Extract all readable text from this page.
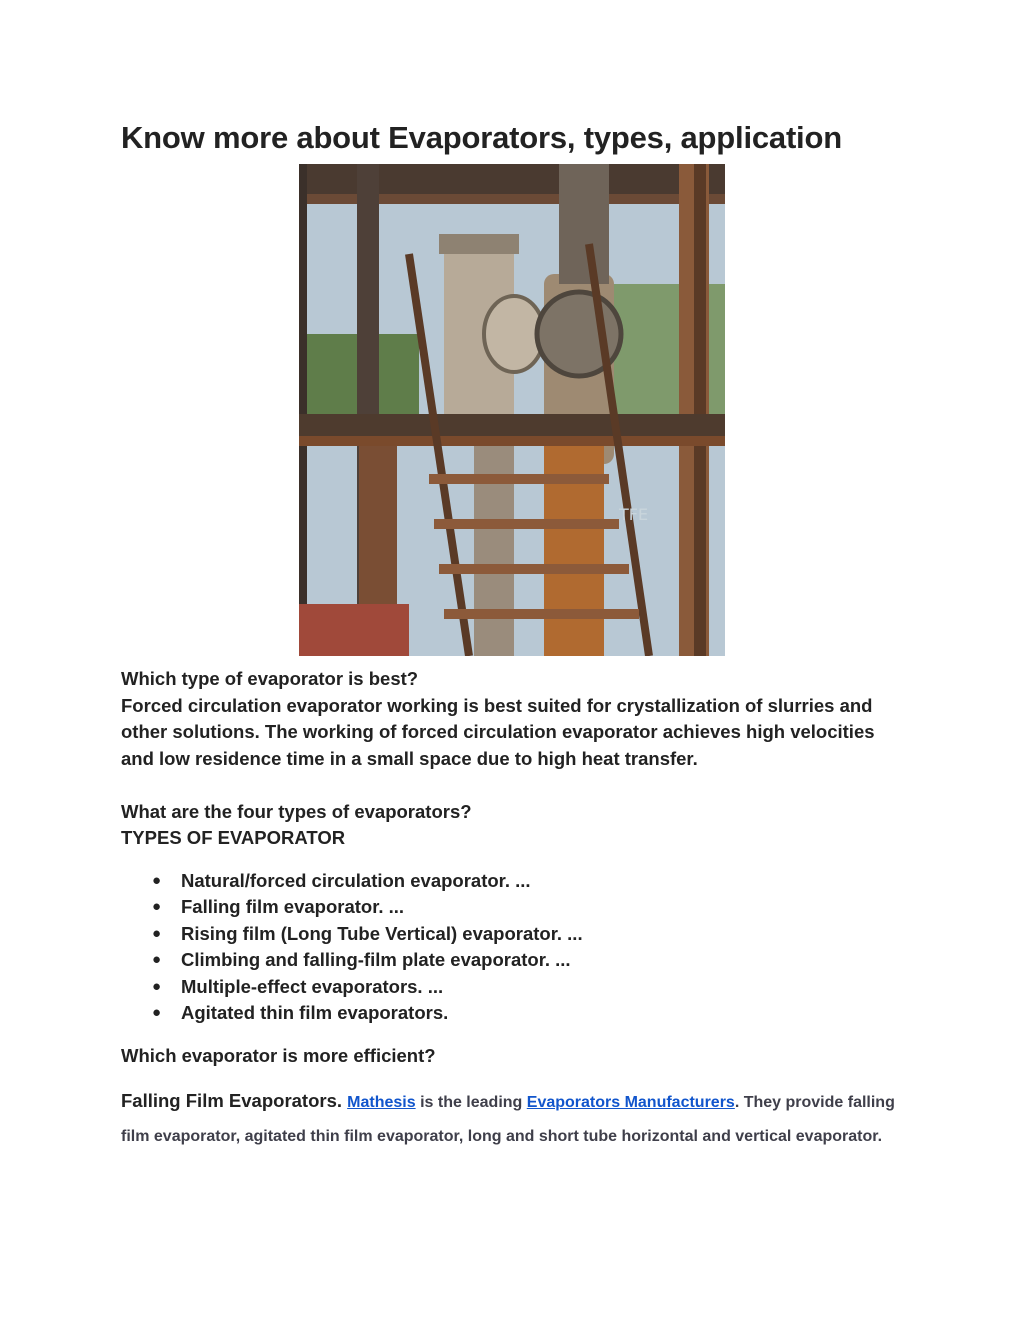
Know more about Evaporators, types, application
TFE

Which type of evaporator is best?

Forced circulation evaporator working is best suited for crystallization of slurries and other solutions. The working of forced circulation evaporator achieves high velocities and low residence time in a small space due to high heat transfer.

What are the four types of evaporators?

TYPES OF EVAPORATOR

● Natural/forced circulation evaporator. ...
● Falling film evaporator. ...
● Rising film (Long Tube Vertical) evaporator. ...
● Climbing and falling-film plate evaporator. ...
● Multiple-effect evaporators. ...
● Agitated thin film evaporators.

Which evaporator is more efficient?

Falling Film Evaporators. Mathesis is the leading Evaporators Manufacturers. They provide falling film evaporator, agitated thin film evaporator, long and short tube horizontal and vertical evaporator.
